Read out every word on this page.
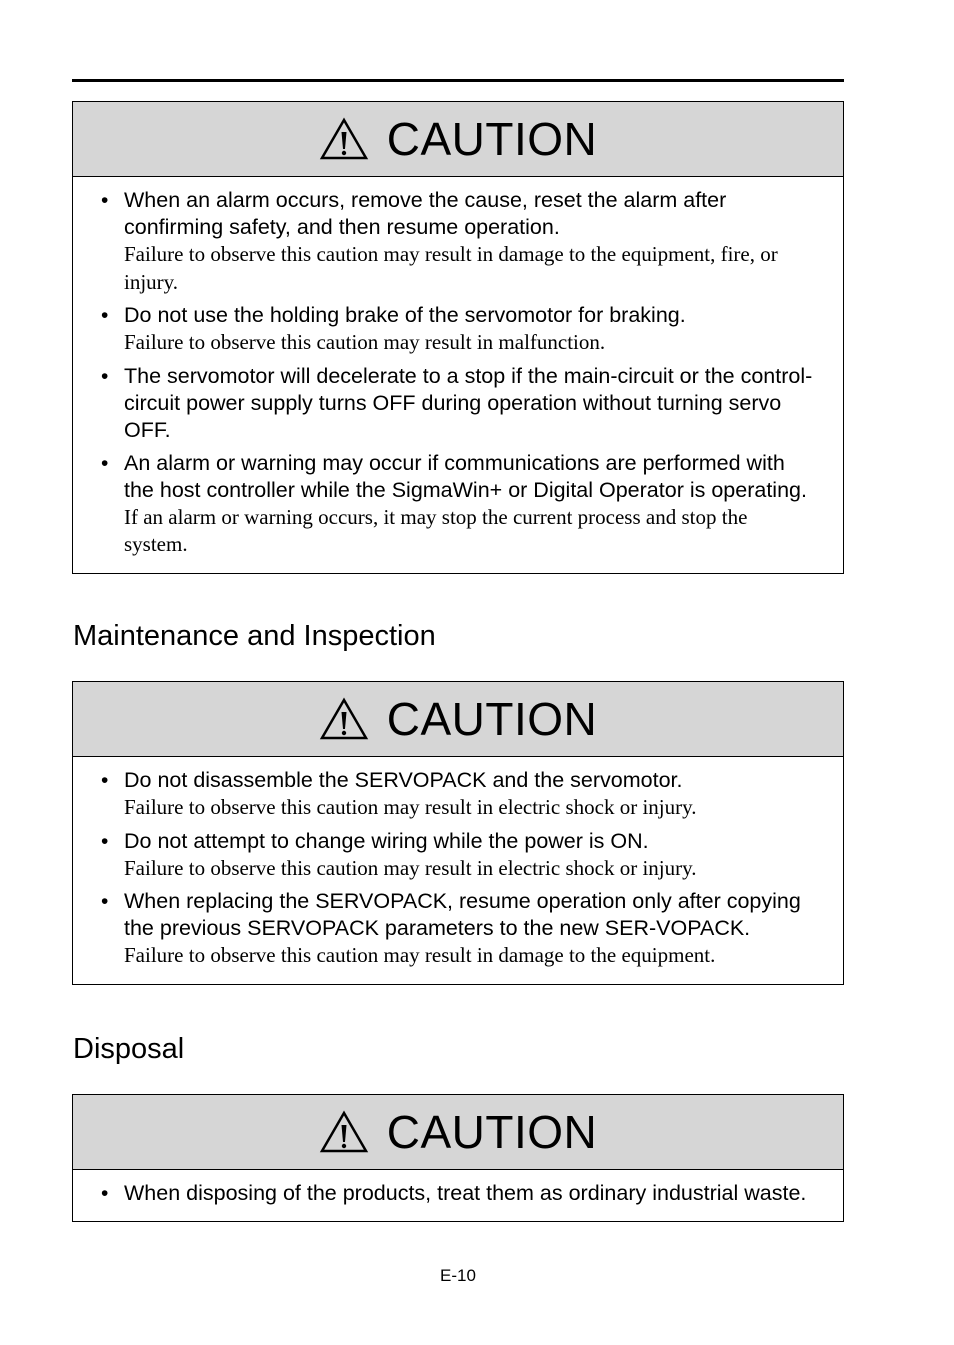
CAUTION
• When an alarm occurs, remove the cause, reset the alarm after confirming safety, and then resume operation.
Failure to observe this caution may result in damage to the equipment, fire, or injury.
• Do not use the holding brake of the servomotor for braking.
Failure to observe this caution may result in malfunction.
• The servomotor will decelerate to a stop if the main-circuit or the control-circuit power supply turns OFF during operation without turning servo OFF.
• An alarm or warning may occur if communications are performed with the host controller while the SigmaWin+ or Digital Operator is operating.
If an alarm or warning occurs, it may stop the current process and stop the system.
Maintenance and Inspection
CAUTION
• Do not disassemble the SERVOPACK and the servomotor.
Failure to observe this caution may result in electric shock or injury.
• Do not attempt to change wiring while the power is ON.
Failure to observe this caution may result in electric shock or injury.
• When replacing the SERVOPACK, resume operation only after copying the previous SERVOPACK parameters to the new SER-VOPACK.
Failure to observe this caution may result in damage to the equipment.
Disposal
CAUTION
• When disposing of the products, treat them as ordinary industrial waste.
E-10
